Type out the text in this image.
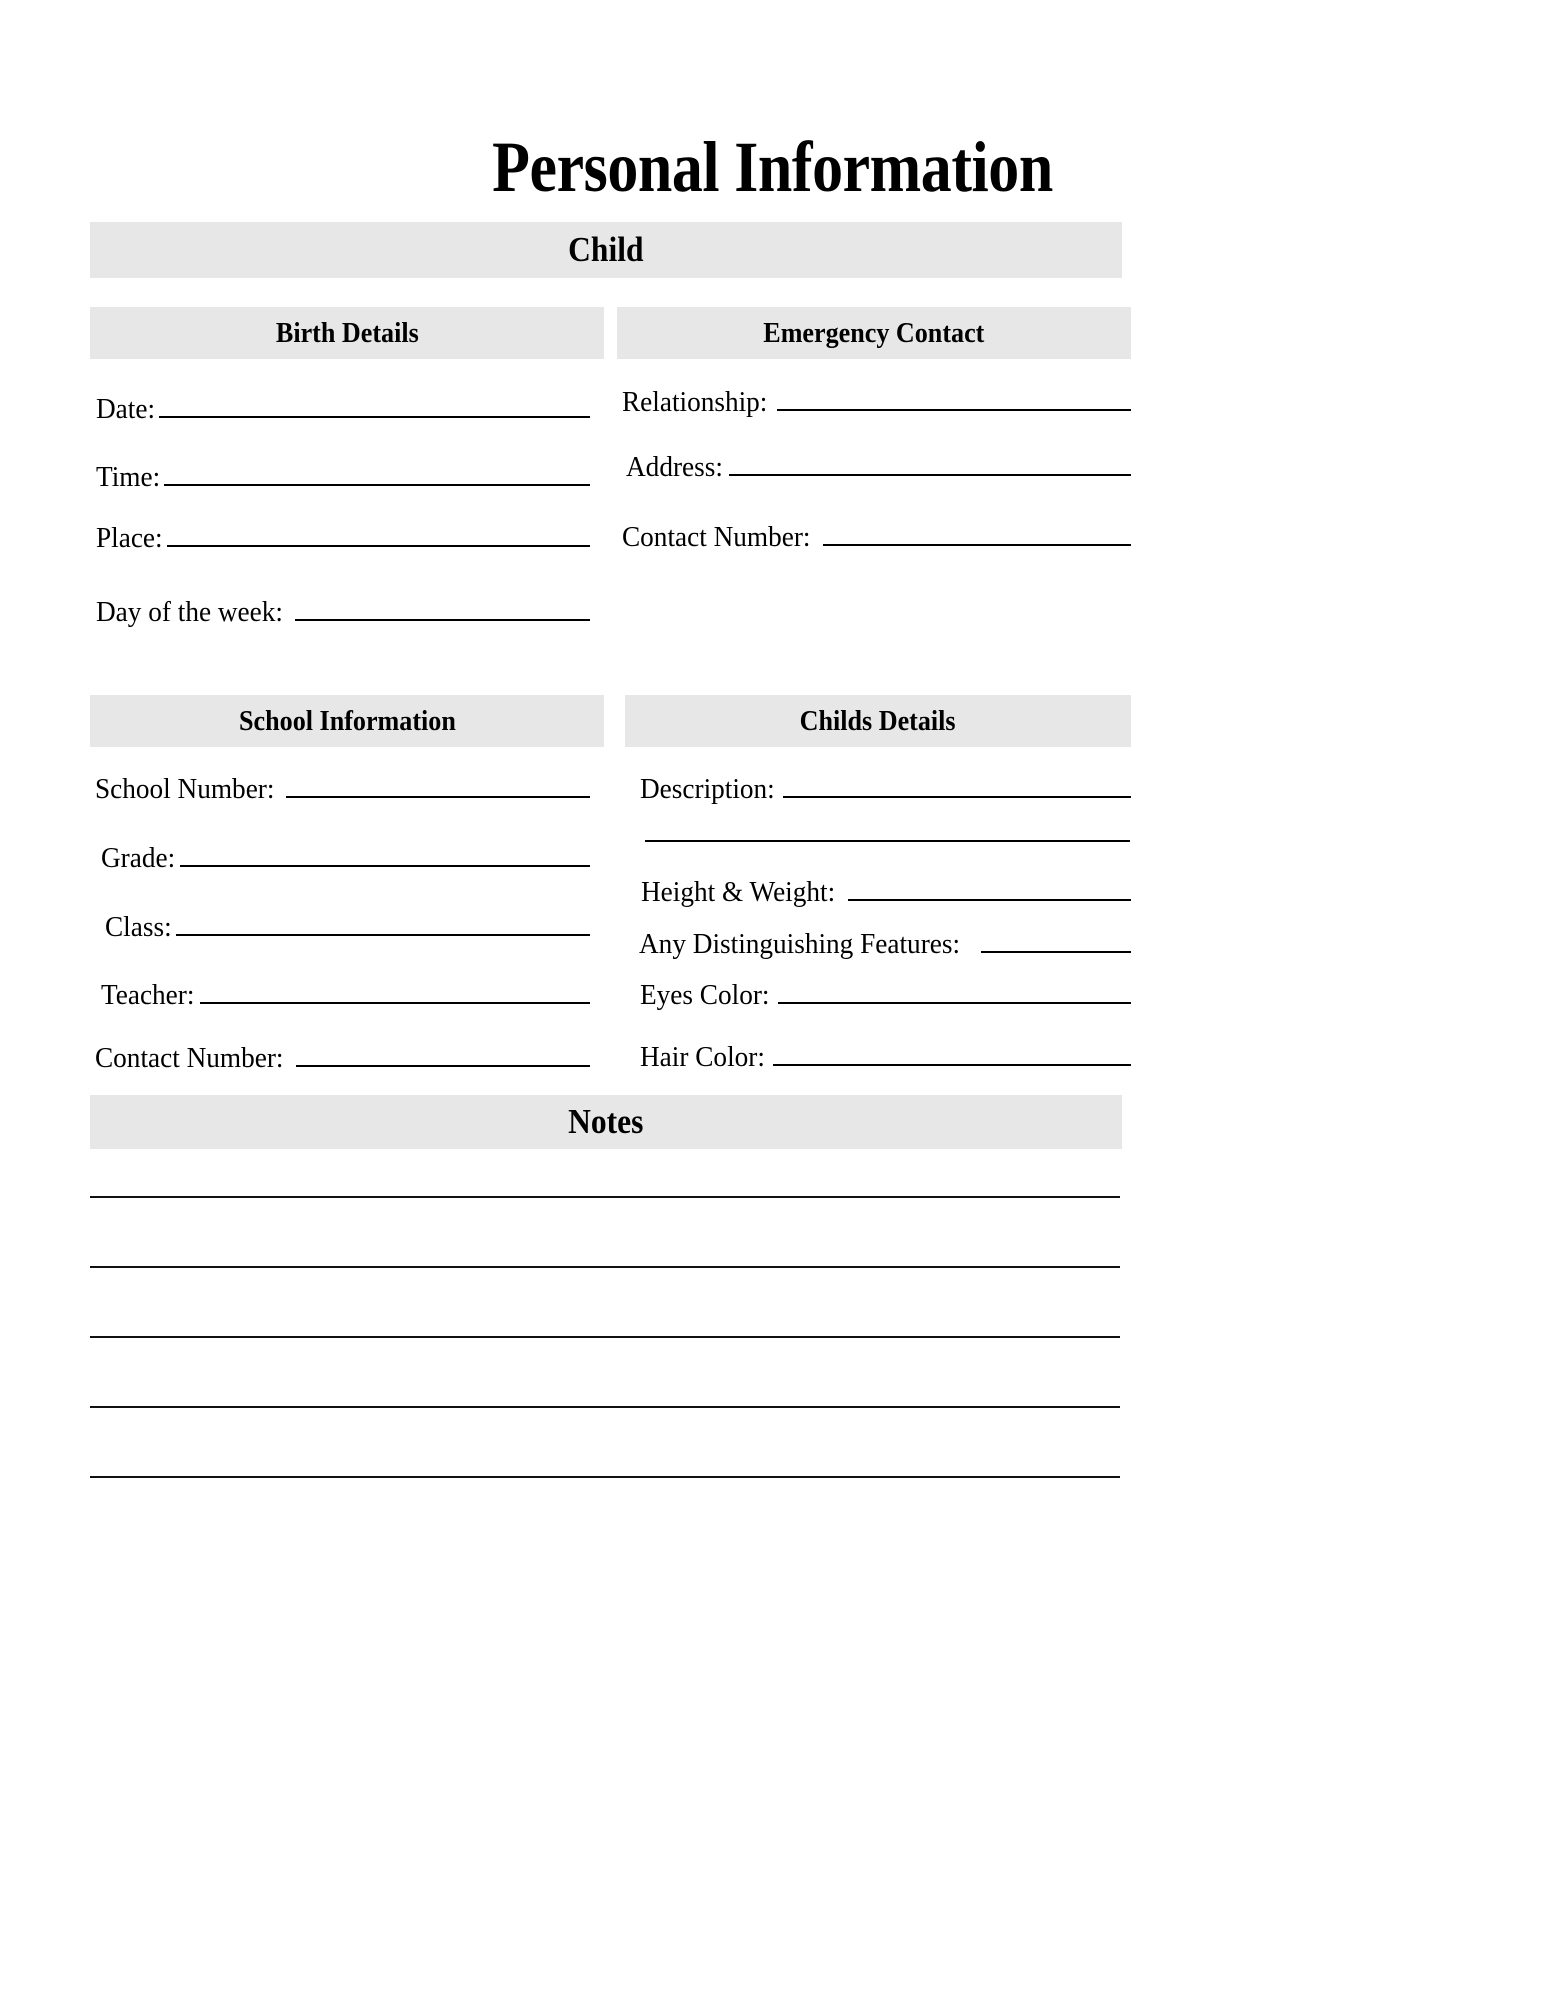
Personal Information
Child
Birth Details	Emergency Contact
Date:
Time:
Place:
Day of the week:
Relationship:
Address:
Contact Number:
School Information	Childs Details
School Number:
Grade:
Class:
Teacher:
Contact Number:
Description:
Height & Weight:
Any Distinguishing Features:
Eyes Color:
Hair Color:
Notes
